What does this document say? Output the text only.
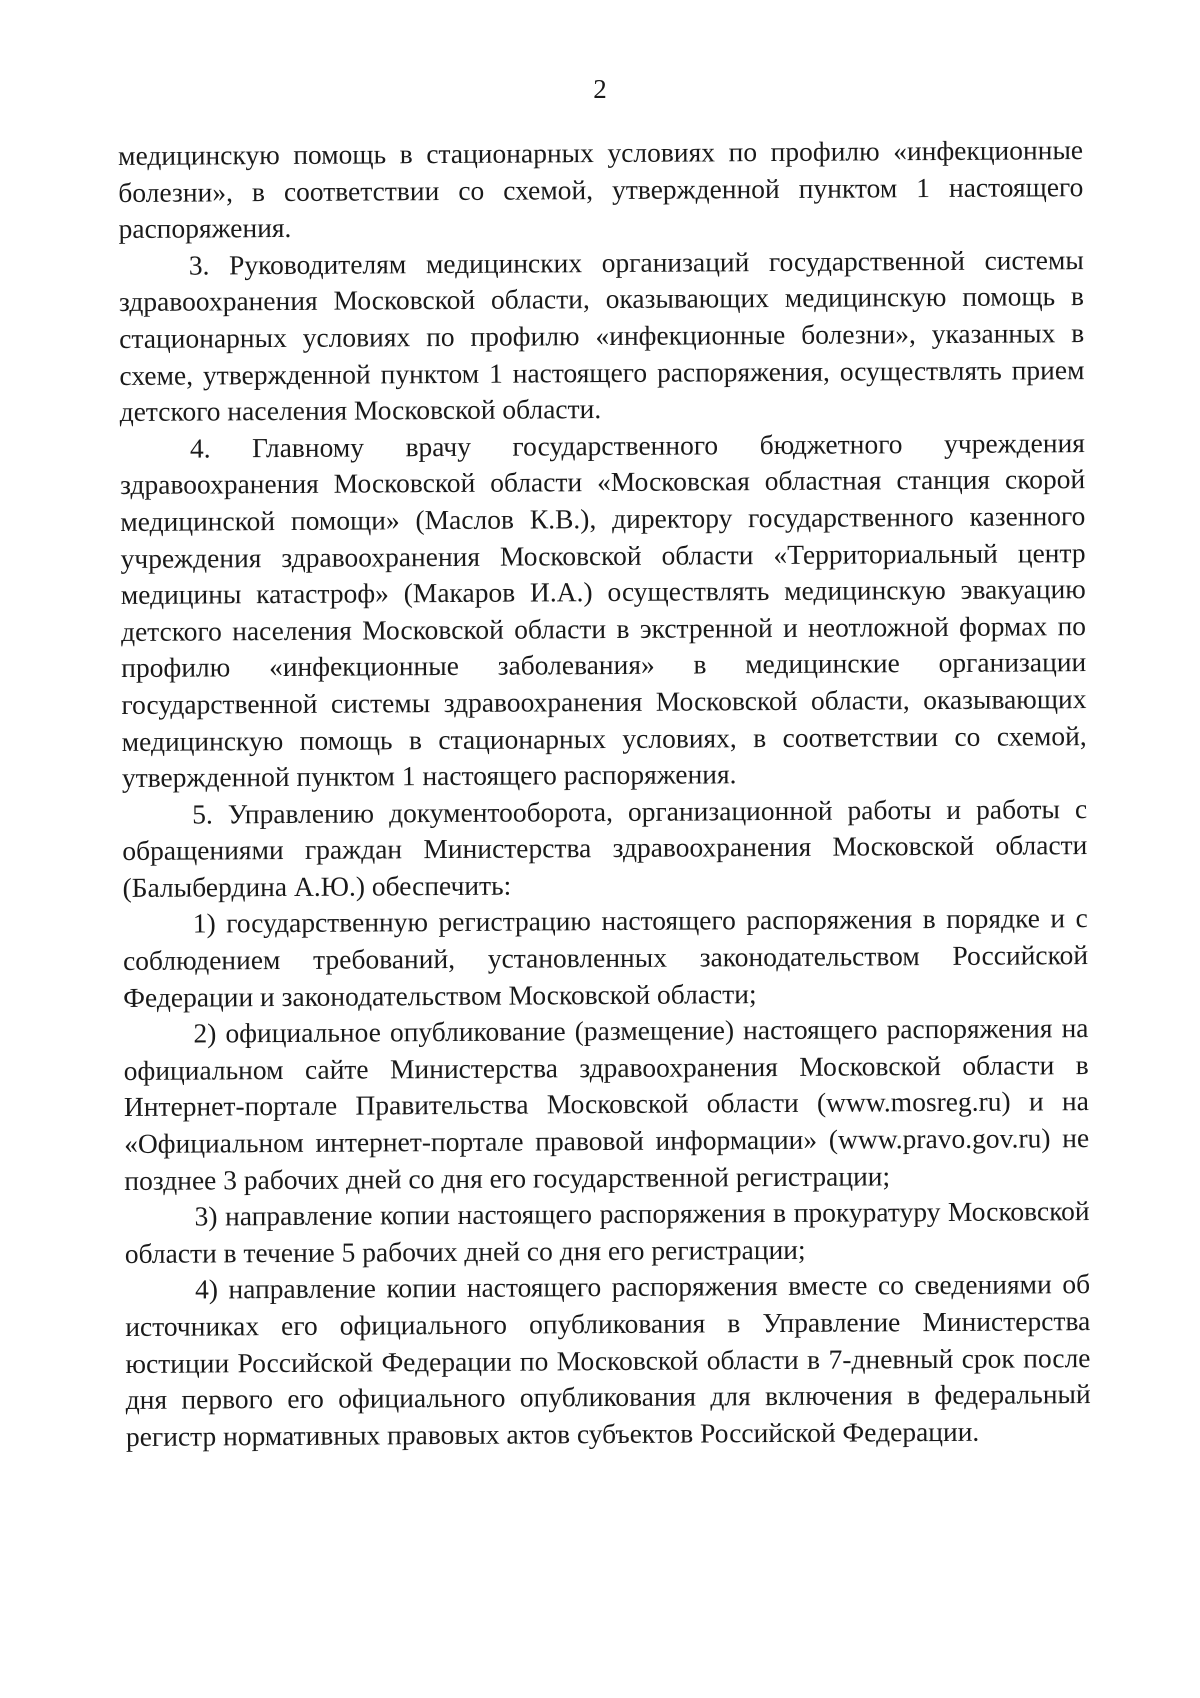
2

медицинскую помощь в стационарных условиях по профилю «инфекционные болезни», в соответствии со схемой, утвержденной пунктом 1 настоящего распоряжения.

3. Руководителям медицинских организаций государственной системы здравоохранения Московской области, оказывающих медицинскую помощь в стационарных условиях по профилю «инфекционные болезни», указанных в схеме, утвержденной пунктом 1 настоящего распоряжения, осуществлять прием детского населения Московской области.

4. Главному врачу государственного бюджетного учреждения здравоохранения Московской области «Московская областная станция скорой медицинской помощи» (Маслов К.В.), директору государственного казенного учреждения здравоохранения Московской области «Территориальный центр медицины катастроф» (Макаров И.А.) осуществлять медицинскую эвакуацию детского населения Московской области в экстренной и неотложной формах по профилю «инфекционные заболевания» в медицинские организации государственной системы здравоохранения Московской области, оказывающих медицинскую помощь в стационарных условиях, в соответствии со схемой, утвержденной пунктом 1 настоящего распоряжения.

5. Управлению документооборота, организационной работы и работы с обращениями граждан Министерства здравоохранения Московской области (Балыбердина А.Ю.) обеспечить:

1) государственную регистрацию настоящего распоряжения в порядке и с соблюдением требований, установленных законодательством Российской Федерации и законодательством Московской области;

2) официальное опубликование (размещение) настоящего распоряжения на официальном сайте Министерства здравоохранения Московской области в Интернет-портале Правительства Московской области (www.mosreg.ru) и на «Официальном интернет-портале правовой информации» (www.pravo.gov.ru) не позднее 3 рабочих дней со дня его государственной регистрации;

3) направление копии настоящего распоряжения в прокуратуру Московской области в течение 5 рабочих дней со дня его регистрации;

4) направление копии настоящего распоряжения вместе со сведениями об источниках его официального опубликования в Управление Министерства юстиции Российской Федерации по Московской области в 7-дневный срок после дня первого его официального опубликования для включения в федеральный регистр нормативных правовых актов субъектов Российской Федерации.
